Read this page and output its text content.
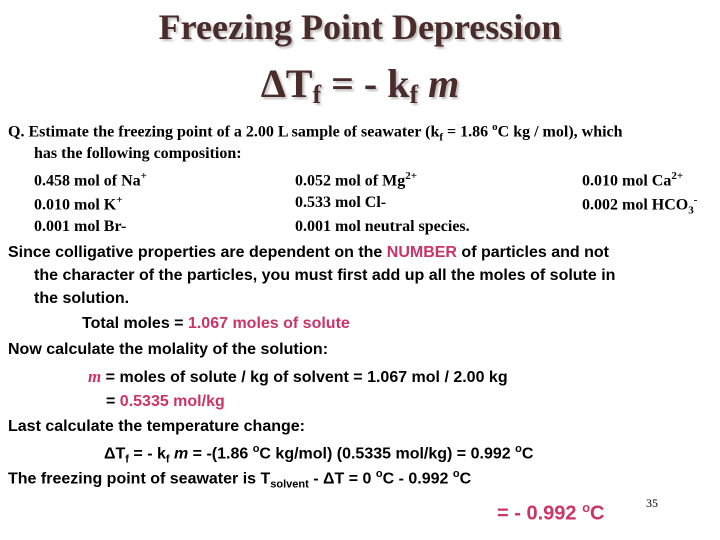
Freezing Point Depression
$\Delta T_f$ = - $k_f$ m
Q. Estimate the freezing point of a 2.00 L sample of seawater ($k_f = 1.86$ $^o$C kg / mol), which
has the following composition:
0.458 mol of Na+	0.052 mol of $Mg^{2+}$	0.010 mol $Ca^{2+}$
0.010 mol K+	0.533 mol Cl-	0.002 mol $HCO_3^-$
0.001 mol Br-	0.001 mol neutral species.
Since colligative properties are dependent on the NUMBER of particles and not
the character of the particles, you must first add up all the moles of solute in
the solution.
Total moles = 1.067 moles of solute
Now calculate the molality of the solution:
m = moles of solute / kg of solvent = 1.067 mol / 2.00 kg
= 0.5335 mol/kg
Last calculate the temperature change:
$\Delta T_f$ = - $k_f$ m = -(1.86 $^o$C kg/mol) (0.5335 mol/kg) = 0.992 $^o$C
The freezing point of seawater is $T_{solvent} - \Delta T = 0$ $^o$C - 0.992 $^o$C
= - 0.992 $^o$C	35
